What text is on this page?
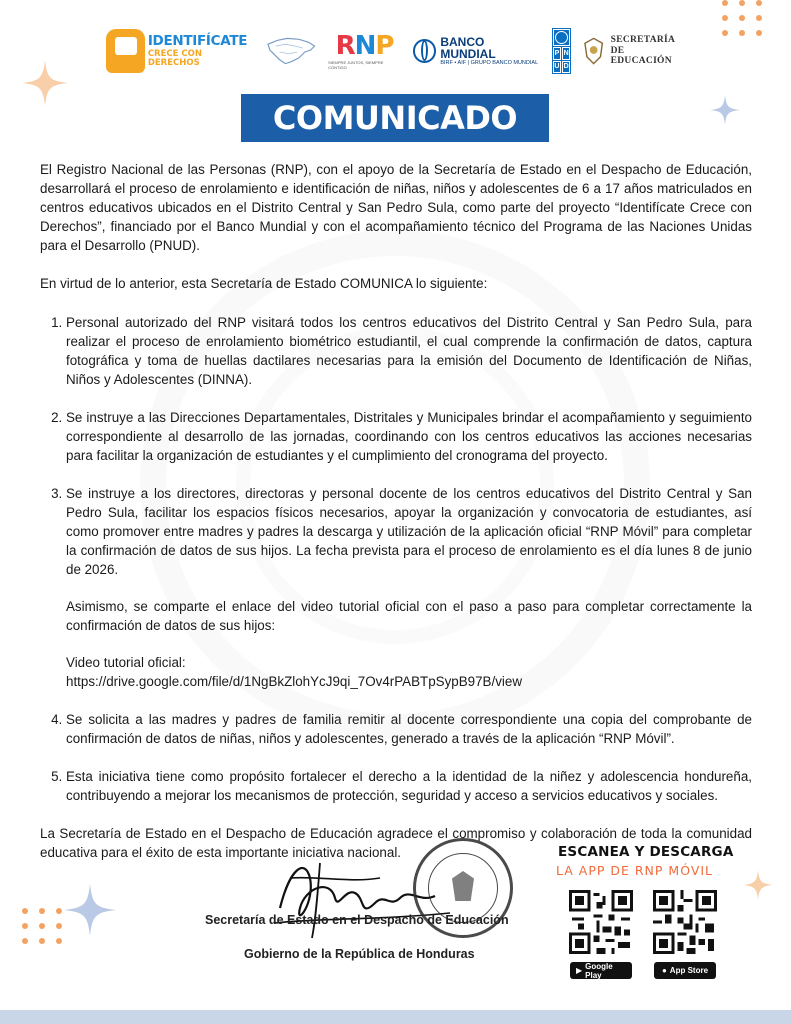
IDENTIFÍCATE
CRECE CON DERECHOS
RNP
SIEMPRE JUNTOS, SIEMPRE CONTIGO
BANCO MUNDIAL
BIRF • AIF | GRUPO BANCO MUNDIAL
P N
U D
SECRETARÍA
DE EDUCACIÓN
COMUNICADO

El Registro Nacional de las Personas (RNP), con el apoyo de la Secretaría de Estado en el Despacho de Educación, desarrollará el proceso de enrolamiento e identificación de niñas, niños y adolescentes de 6 a 17 años matriculados en centros educativos ubicados en el Distrito Central y San Pedro Sula, como parte del proyecto “Identifícate Crece con Derechos”, financiado por el Banco Mundial y con el acompañamiento técnico del Programa de las Naciones Unidas para el Desarrollo (PNUD).

En virtud de lo anterior, esta Secretaría de Estado COMUNICA lo siguiente:

1. Personal autorizado del RNP visitará todos los centros educativos del Distrito Central y San Pedro Sula, para realizar el proceso de enrolamiento biométrico estudiantil, el cual comprende la confirmación de datos, captura fotográfica y toma de huellas dactilares necesarias para la emisión del Documento de Identificación de Niñas, Niños y Adolescentes (DINNA).
2. Se instruye a las Direcciones Departamentales, Distritales y Municipales brindar el acompañamiento y seguimiento correspondiente al desarrollo de las jornadas, coordinando con los centros educativos las acciones necesarias para facilitar la organización de estudiantes y el cumplimiento del cronograma del proyecto.
3. Se instruye a los directores, directoras y personal docente de los centros educativos del Distrito Central y San Pedro Sula, facilitar los espacios físicos necesarios, apoyar la organización y convocatoria de estudiantes, así como promover entre madres y padres la descarga y utilización de la aplicación oficial “RNP Móvil” para completar la confirmación de datos de sus hijos. La fecha prevista para el proceso de enrolamiento es el día lunes 8 de junio de 2026.

Asimismo, se comparte el enlace del video tutorial oficial con el paso a paso para completar correctamente la confirmación de datos de sus hijos:

Video tutorial oficial:
https://drive.google.com/file/d/1NgBkZlohYcJ9qi_7Ov4rPABTpSypB97B/view

4. Se solicita a las madres y padres de familia remitir al docente correspondiente una copia del comprobante de confirmación de datos de niñas, niños y adolescentes, generado a través de la aplicación “RNP Móvil”.
5. Esta iniciativa tiene como propósito fortalecer el derecho a la identidad de la niñez y adolescencia hondureña, contribuyendo a mejorar los mecanismos de protección, seguridad y acceso a servicios educativos y sociales.

La Secretaría de Estado en el Despacho de Educación agradece el compromiso y colaboración de toda la comunidad educativa para el éxito de esta importante iniciativa nacional.

Secretaría de Estado en el Despacho de Educación
Gobierno de la República de Honduras
ESCANEA Y DESCARGA
LA APP DE RNP MÓVIL
▶ Google Play	● App Store
